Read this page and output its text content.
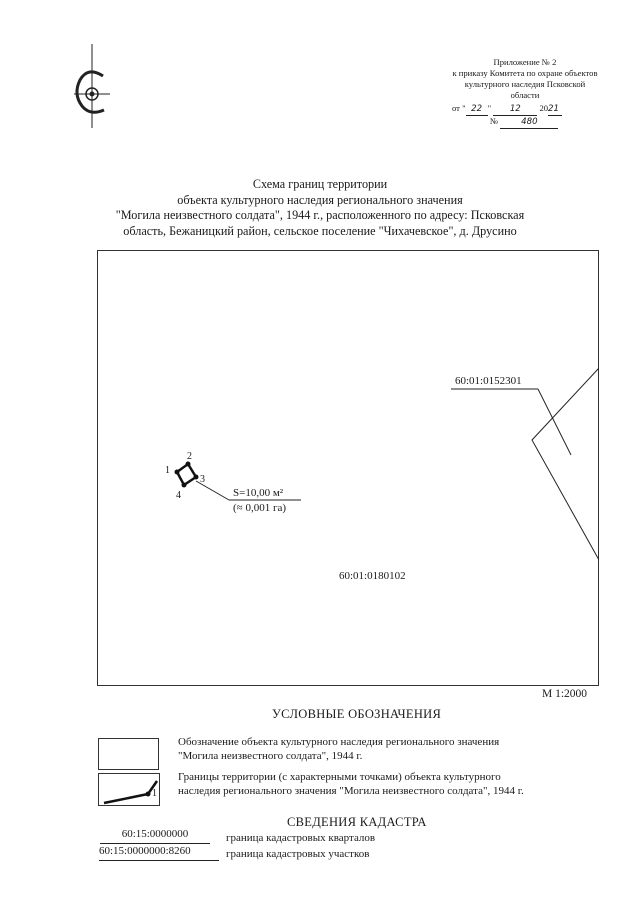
Приложение № 2
к приказу Комитета по охране объектов
культурного наследия Псковской
области
от " 22 " 12 2021
№	480
Схема границ территории
объекта культурного наследия регионального значения
"Могила неизвестного солдата", 1944 г., расположенного по адресу: Псковская
область, Бежаницкий район, сельское поселение "Чихачевское", д. Друсино
60:01:0152301
1
2
3
4	S=10,00 м²
(≈ 0,001 га)
60:01:0180102
М 1:2000
УСЛОВНЫЕ ОБОЗНАЧЕНИЯ
Обозначение объекта культурного наследия регионального значения
"Могила неизвестного солдата", 1944 г.
1
Границы территории (с характерными точками) объекта культурного
наследия регионального значения "Могила неизвестного солдата", 1944 г.
СВЕДЕНИЯ КАДАСТРА
60:15:0000000	граница кадастровых кварталов
60:15:0000000:8260	граница кадастровых участков
